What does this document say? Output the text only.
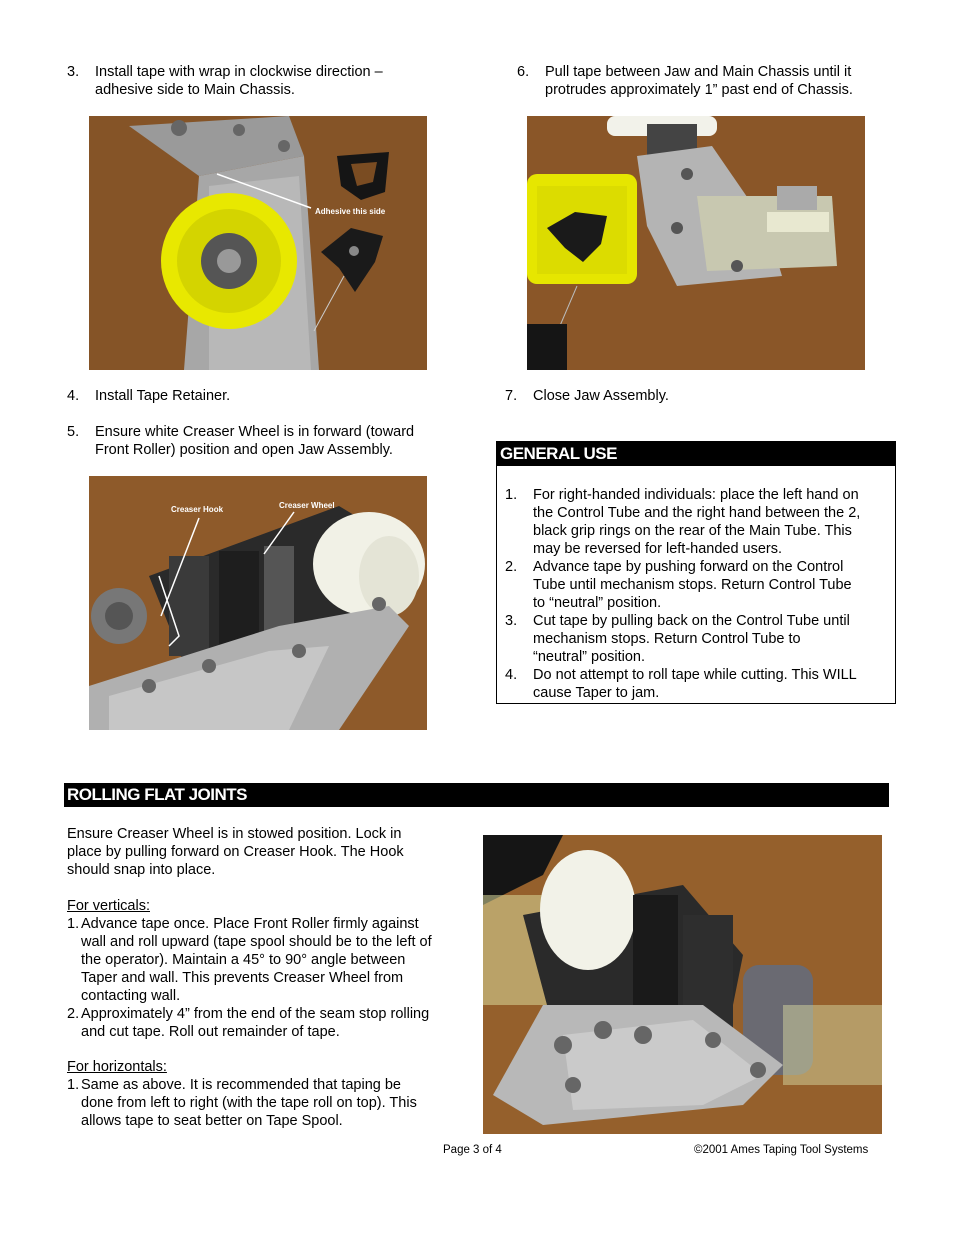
3. Install tape with wrap in clockwise direction –
adhesive side to Main Chassis.
6. Pull tape between Jaw and Main Chassis until it
protrudes approximately 1” past end of Chassis.
Adhesive this side
4. Install Tape Retainer.	7. Close Jaw Assembly.
5. Ensure white Creaser Wheel is in forward (toward
Front Roller) position and open Jaw Assembly.
Creaser Hook	Creaser Wheel
GENERAL USE
1. For right-handed individuals: place the left hand on
the Control Tube and the right hand between the 2,
black grip rings on the rear of the Main Tube. This
may be reversed for left-handed users.
2. Advance tape by pushing forward on the Control
Tube until mechanism stops. Return Control Tube
to “neutral” position.
3. Cut tape by pulling back on the Control Tube until
mechanism stops. Return Control Tube to
“neutral” position.
4. Do not attempt to roll tape while cutting. This WILL
cause Taper to jam.
ROLLING FLAT JOINTS
Ensure Creaser Wheel is in stowed position. Lock in
place by pulling forward on Creaser Hook. The Hook
should snap into place.
For verticals:
1. Advance tape once. Place Front Roller firmly against
wall and roll upward (tape spool should be to the left of
the operator). Maintain a 45° to 90° angle between
Taper and wall. This prevents Creaser Wheel from
contacting wall.
2. Approximately 4” from the end of the seam stop rolling
and cut tape. Roll out remainder of tape.
For horizontals:
1. Same as above. It is recommended that taping be
done from left to right (with the tape roll on top). This
allows tape to seat better on Tape Spool.
Page 3 of 4	©2001 Ames Taping Tool Systems
